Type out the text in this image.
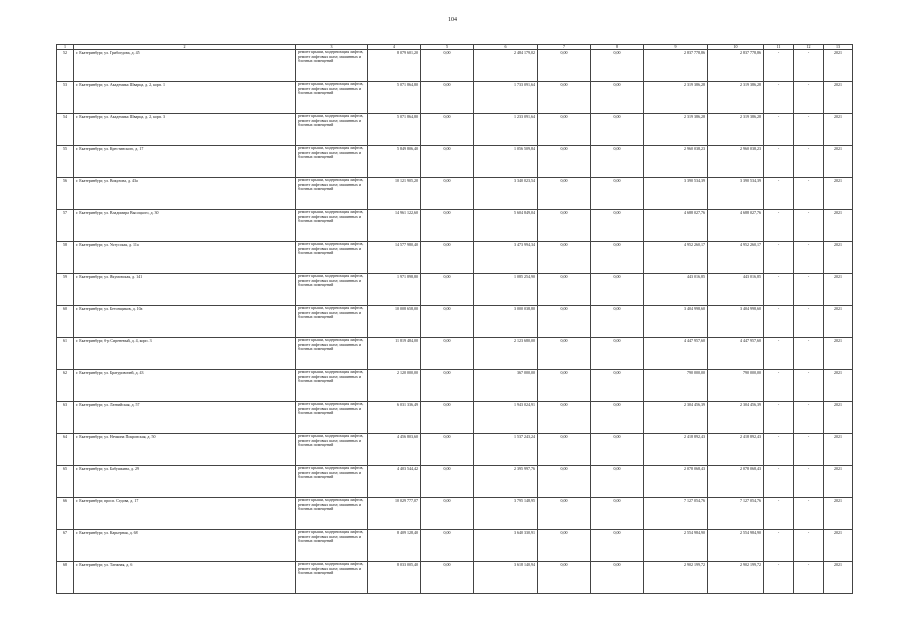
104
1	2	3	4	5	6	7	8	9	10	11	12	13
52	г. Екатеринбург, ул. Грибоедова, д. 45	ремонт крыши, модернизация лифтов, ремонт лифтовых шахт, машинных и блочных помещений	8 079 601,20	0,00	2 484 179,02	0,00	0,00	2 837 778,86	2 837 778,86	-	-	2021
53	г. Екатеринбург, ул. Академика Шварца, д. 2, корп. 1	ремонт крыши, модернизация лифтов, ремонт лифтовых шахт, машинных и блочных помещений	5 071 864,80	0,00	1 733 091,64	0,00	0,00	2 319 386,28	2 319 386,28	-	-	2021
54	г. Екатеринбург, ул. Академика Шварца, д. 2, корп. 3	ремонт крыши, модернизация лифтов, ремонт лифтовых шахт, машинных и блочных помещений	5 071 864,80	0,00	1 233 091,64	0,00	0,00	2 319 386,28	2 319 386,28	-	-	2021
55	г. Екатеринбург, ул. Крестинского, д. 17	ремонт крыши, модернизация лифтов, ремонт лифтовых шахт, машинных и блочных помещений	5 849 806,40	0,00	1 056 509,84	0,00	0,00	2 960 038,23	2 960 038,23	-	-	2021
56	г. Екатеринбург, ул. Викулова, д. 43а	ремонт крыши, модернизация лифтов, ремонт лифтовых шахт, машинных и блочных помещений	10 121 905,20	0,00	3 340 023,54	0,00	0,00	3 390 534,39	3 390 534,39	-	-	2021
57	г. Екатеринбург, ул. Владимира Высоцкого, д. 30	ремонт крыши, модернизация лифтов, ремонт лифтовых шахт, машинных и блочных помещений	14 961 122,60	0,00	5 604 849,04	0,00	0,00	4 688 027,76	4 688 027,76	-	-	2021
58	г. Екатеринбург, ул. Уктусская, д. 11а	ремонт крыши, модернизация лифтов, ремонт лифтовых шахт, машинных и блочных помещений	14 577 980,40	0,00	3 473 994,34	0,00	0,00	4 952 260,17	4 952 260,17	-	-	2021
59	г. Екатеринбург, ул. Якумовская, д. 141	ремонт крыши, модернизация лифтов, ремонт лифтовых шахт, машинных и блочных помещений	1 971 898,80	0,00	1 085 254,90	0,00	0,00	443 016,85	443 016,85	-	-	2021
60	г. Екатеринбург, ул. Бетонщиков, д. 10а	ремонт крыши, модернизация лифтов, ремонт лифтовых шахт, машинных и блочных помещений	10 008 658,00	0,00	3 000 038,80	0,00	0,00	3 404 998,60	3 404 998,60	-	-	2021
61	г. Екатеринбург, б-р Сиреневый, д. 4, корп. 3	ремонт крыши, модернизация лифтов, ремонт лифтовых шахт, машинных и блочных помещений	11 819 484,00	0,00	2 123 680,00	0,00	0,00	4 447 957,60	4 447 957,60	-	-	2021
62	г. Екатеринбург, ул. Братуровичей, д. 43	ремонт крыши, модернизация лифтов, ремонт лифтовых шахт, машинных и блочных помещений	2 120 000,00	0,00	367 000,00	0,00	0,00	790 000,00	790 000,00	-	-	2021
63	г. Екатеринбург, ул. Латвийская, д. 57	ремонт крыши, модернизация лифтов, ремонт лифтовых шахт, машинных и блочных помещений	6 031 336,49	0,00	1 943 024,91	0,00	0,00	2 304 456,39	2 304 456,39	-	-	2021
64	г. Екатеринбург, ул. Нечкина Покровская, д. 50	ремонт крыши, модернизация лифтов, ремонт лифтовых шахт, машинных и блочных помещений	4 456 803,60	0,00	1 537 243,24	0,00	0,00	2 418 892,43	2 418 892,43	-	-	2021
65	г. Екатеринбург, ул. Бабушкина, д. 29	ремонт крыши, модернизация лифтов, ремонт лифтовых шахт, машинных и блочных помещений	4 403 544,42	0,00	2 395 997,76	0,00	0,00	2 078 068,43	2 078 068,43	-	-	2021
66	г. Екатеринбург, просп. Седова, д. 17	ремонт крыши, модернизация лифтов, ремонт лифтовых шахт, машинных и блочных помещений	10 029 777,07	0,00	3 795 148,95	0,00	0,00	7 127 054,76	7 127 054,76	-	-	2021
67	г. Екатеринбург, ул. Карьерная, д. 68	ремонт крыши, модернизация лифтов, ремонт лифтовых шахт, машинных и блочных помещений	8 409 128,40	0,00	3 640 330,91	0,00	0,00	2 554 984,90	2 554 984,90	-	-	2021
68	г. Екатеринбург, ул. Таежная, д. 6	ремонт крыши, модернизация лифтов, ремонт лифтовых шахт, машинных и блочных помещений	8 033 005,40	0,00	3 618 140,94	0,00	0,00	2 902 199,72	2 902 199,72	-	-	2021
